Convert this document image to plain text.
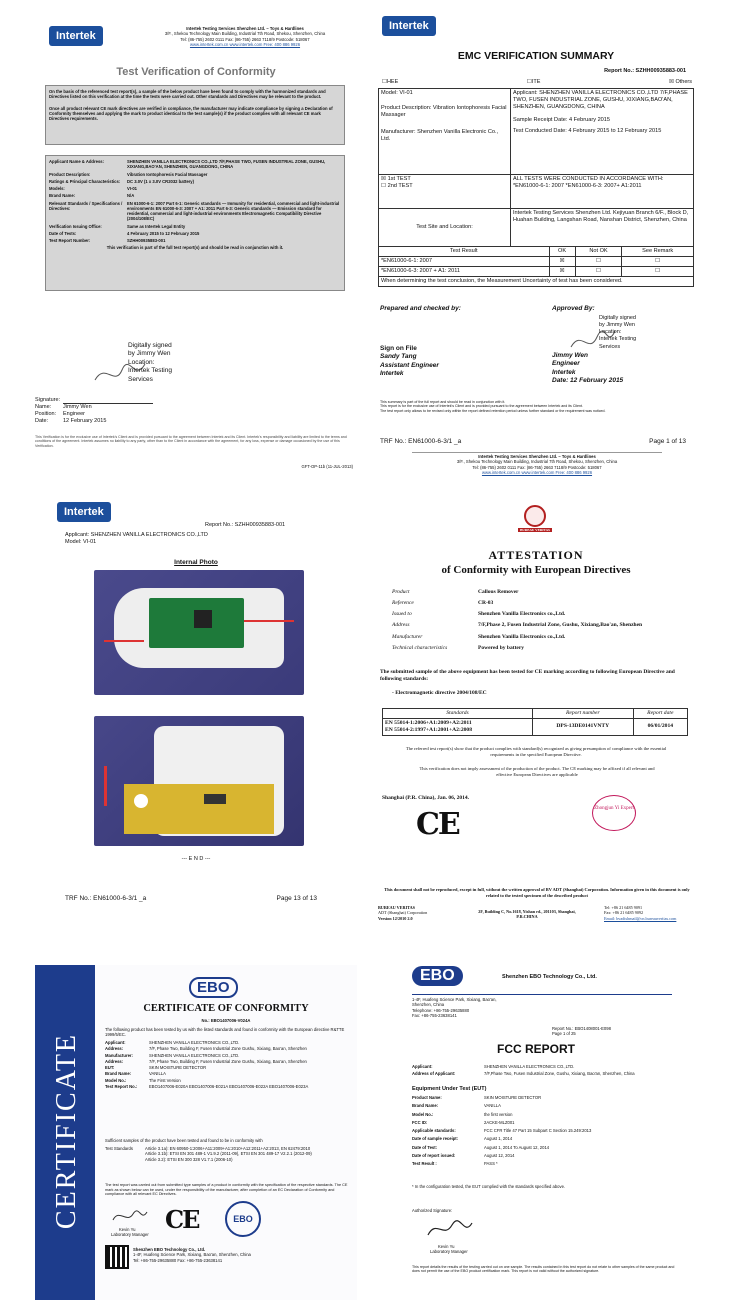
Intertek
Intertek Testing Services Shenzhen Ltd. – Toys & Hardlines
3/F., Shekou Technology Main Building, Industrial 7th Road, Shekou, Shenzhen, China
Tel: (86-755) 2602 0111 Fax: (86-755) 2663 7118/9 Postcode: 518067
www.intertek.com.cn www.intertek.com Free: 400 886 9926
Test Verification of Conformity
On the basis of the referenced test report(s), a sample of the below product have been found to comply with the harmonized standards and Directives listed on this verification at the time the tests were carried out. Other standards and Directives may be relevant to the product.
Once all product relevant CE mark directives are verified in compliance, the manufacturer may indicate compliance by signing a Declaration of Conformity themselves and applying the mark to product identical to the test sample(s) if the product complies with all relevant CE mark Directives requirements.
Applicant Name & Address:	SHENZHEN VANILLA ELECTRONICS CO.,LTD 7/F,PHASE TWO, FUSEN INDUSTRIAL ZONE, GUSHU, XIXIANG,BAO'AN, SHENZHEN, GUANGDONG, CHINA
Product Description:	Vibration Iontophoresis Facial Massager
Ratings & Principal Characteristics:	DC 3.0V (1 x 3.0V CR2032 battery)
Models:	VI-01
Brand Name:	N/A
Relevant Standards / Specifications / Directives:
EN 61000-6-1: 2007 Part 6-1: Generic standards — Immunity for residential, commercial and light-industrial environments EN 61000-6-3: 2007 + A1: 2011 Part 6-3: Generic standards — Emission standard for residential, commercial and light-industrial environments Electromagnetic Compatibility Directive (2004/108/EC)
Verification Issuing Office:	Same as Intertek Legal Entity
Date of Tests:	4 February 2015 to 12 February 2015
Test Report Number:	SZHH00935883-001
This verification is part of the full test report(s) and should be read in conjunction with it.
Digitally signed
by Jimmy Wen
Location:
Intertek Testing
Services
Signature:
Name:	Jimmy Wen
Position:	Engineer
Date:	12 February 2015
This Verification is for the exclusive use of Intertek's Client and is provided pursuant to the agreement between Intertek and its Client. Intertek's responsibility and liability are limited to the terms and conditions of the agreement. Intertek assumes no liability to any party, other than to the Client in accordance with the agreement, for any loss, expense or damage occasioned by the use of this Verification.
GFT-OP-11b (11-JUL-2013)
Intertek
EMC VERIFICATION SUMMARY
Report No.: SZHH00935883-001
☐HEE	☐ITE	☒ Others
Model: VI-01
Product Description: Vibration Iontophoresis Facial Massager
Manufacturer: Shenzhen Vanilla Electronic Co., Ltd.

Applicant: SHENZHEN VANILLA ELECTRONICS CO.,LTD 7/F,PHASE TWO, FUSEN INDUSTRIAL ZONE, GUSHU, XIXIANG,BAO'AN, SHENZHEN, GUANGDONG, CHINA
Sample Receipt Date: 4 February 2015
Test Conducted Date: 4 February 2015 to 12 February 2015

☒ 1st TEST
☐ 2nd TEST
	ALL TESTS WERE CONDUCTED IN ACCORDANCE WITH: *EN61000-6-1: 2007 *EN61000-6-3: 2007+ A1:2011
Test Site and Location:	Intertek Testing Services Shenzhen Ltd. Kejiyuan Branch 6/F., Block D, Huahan Building, Langshan Road, Nanshan District, Shenzhen, China

Test Result	OK	Not OK	See Remark
*EN61000-6-1: 2007	☒	☐	☐
*EN61000-6-3: 2007 + A1: 2011	☒	☐	☐
When determining the test conclusion, the Measurement Uncertainty of test has been considered.
Prepared and checked by:	Approved By:
Digitally signed
by Jimmy Wen
Location:
Intertek Testing
Services
Sign on File
Sandy Tang
Assistant Engineer
Intertek
Jimmy Wen
Engineer
Intertek
Date: 12 February 2015
This summary is part of the full report and should be read in conjunction with it.
This report is for the exclusive use of Intertek's Client and is provided pursuant to the agreement between Intertek and its Client.
The test report only allows to be revised only within the report defined retention period unless further standard or the requirement was noticed.
TRF No.: EN61000-6-3/1 _a	Page 1 of 13
Intertek Testing Services Shenzhen Ltd. – Toys & Hardlines
3/F., Shekou Technology Main Building, Industrial 7th Road, Shekou, Shenzhen, China
Tel: (86-755) 2602 0111 Fax: (86-755) 2663 7118/9 Postcode: 518067
www.intertek.com.cn www.intertek.com Free: 400 886 9926
Intertek
Report No.: SZHH00935883-001
Applicant: SHENZHEN VANILLA ELECTRONICS CO.,LTD
Model: VI-01
Internal Photo
--- E N D ---
TRF No.: EN61000-6-3/1 _a	Page 13 of 13
BUREAU VERITAS
ATTESTATION
of Conformity with European Directives
Product	Callous Remover
Reference	CR-03
Issued to	Shenzhen Vanilla Electronics co.,Ltd.
Address	7/F,Phase 2, Fusen Industrial Zone, Gushu, Xixiang,Bao'an, Shenzhen
Manufacturer	Shenzhen Vanilla Electronics co.,Ltd.
Technical characteristics	Powered by battery
The submitted sample of the above equipment has been tested for CE marking according to following European Directive and following standards:
- Electromagnetic directive 2004/108/EC
Standards	Report number	Report date

EN 55014-1:2006+A1:2009+A2:2011
EN 55014-2:1997+A1:2001+A2:2008	DPS-13DE0141VNTY	06/01/2014
The referred test report(s) show that the product complies with standard(s) recognized as giving presumption of compliance with the essential requirements in the specified European Directive.
This verification does not imply assessment of the production of the product. The CE marking may be affixed if all relevant and effective European Directives are applicable
Shanghai (P.R. China), Jan. 06, 2014.
CE	Zhongjun Yi Expert
This document shall not be reproduced, except in full, without the written approval of BV ADT (Shanghai) Corporation. Information given in this document is only related to the tested specimen of the described product
BUREAU VERITAS
ADT (Shanghai) Corporation
Version 12/2010 2.0
2F, Building C, No.1618, Yishan rd., 201103, Shanghai, P.R.CHINA
Tel: +86 21 6485 9091
Fax: +86 21 6485 9092
Email: bvadtshmail@cn.bureauveritas.com
CERTIFICATE
EBO
CERTIFICATE OF CONFORMITY
No.: EBO1407006-V024A
The following product has been tested by us with the listed standards and found in conformity with the European directive R&TTE 1999/5/EC.
Applicant:	SHENZHEN VANILLA ELECTRONICS CO.,LTD.
Address:	7/F, Phase Two, Building F, Fusen Industrial Zone Gushu, Xixiang, Bao'an, Shenzhen
Manufacturer:	SHENZHEN VANILLA ELECTRONICS CO.,LTD.
Address:	7/F, Phase Two, Building F, Fusen Industrial Zone Gushu, Xixiang, Bao'an, Shenzhen
EUT:	SKIN MOISTURE DETECTOR
Brand Name:	VANILLA
Model No.:	The First Version
Test Report No.:	EBO1407006-E020A EBO1407006-E021A EBO1407006-E022A EBO1407006-E023A
Sufficient samples of the product have been tested and found to be in conformity with
Test Standards	Article 3.1a): EN 60950-1:2006+A11:2009+A1:2010+A12:2011+A2:2013, EN 62479:2010
Article 3.1b): ETSI EN 301 489-1 V1.9.2 (2011-09), ETSI EN 301 489-17 V2.2.1 (2012-09)
Article 3.2): ETSI EN 300 328 V1.7.1 (2006-10)
The test report was carried out from submitted type samples of a product in conformity with the specification of the respective standards. The CE mark as shown below can be used, under the responsibility of the manufacturer, after completion of an EC Declaration of Conformity and compliance with all relevant EC Directives.
Kevin Yu
Laboratory Manager
CE	EBO
Shenzhen EBO Technology Co., Ltd.
1-4F, Huafeng Science Park, Xixiang, Bao'an, Shenzhen, China
Tel: +86-755-29635880 Fax: +86-755-23638141
EBO	Shenzhen EBO Technology Co., Ltd.
1-4F, Huafeng Science Park, Xixiang, Bao'an,
Shenzhen, China
Telephone: +86-755-29635880
Fax: +86-755-23638141
Report No.: EBO1408001-E098
Page 1 of 25
FCC REPORT
Applicant:	SHENZHEN VANILLA ELECTRONICS CO.,LTD.
Address of Applicant:	7/F,Phase Two, Fusen Industrial Zone, Gushu, Xixiang, Bao'an, Shenzhen, China
Equipment Under Test (EUT)
Product Name:	SKIN MOISTURE DETECTOR
Brand Name:	VANILLA
Model No.:	the first version
FCC ID:	2ACKE-MLZ001
Applicable standards:	FCC CFR Title 47 Part 15 Subpart C Section 15.249:2013
Date of sample receipt:	August 1, 2014
Date of Test:	August 1, 2014 To August 12, 2014
Date of report issued:	August 12, 2014
Test Result :	PASS *
* In the configuration tested, the EUT complied with the standards specified above.
Authorized Signature:
Kevin Yu
Laboratory Manager
This report details the results of the testing carried out on one sample. The results contained in this test report do not relate to other samples of the same product and does not permit the use of the EBO product certification mark. This report is not valid without the authorized signature.
